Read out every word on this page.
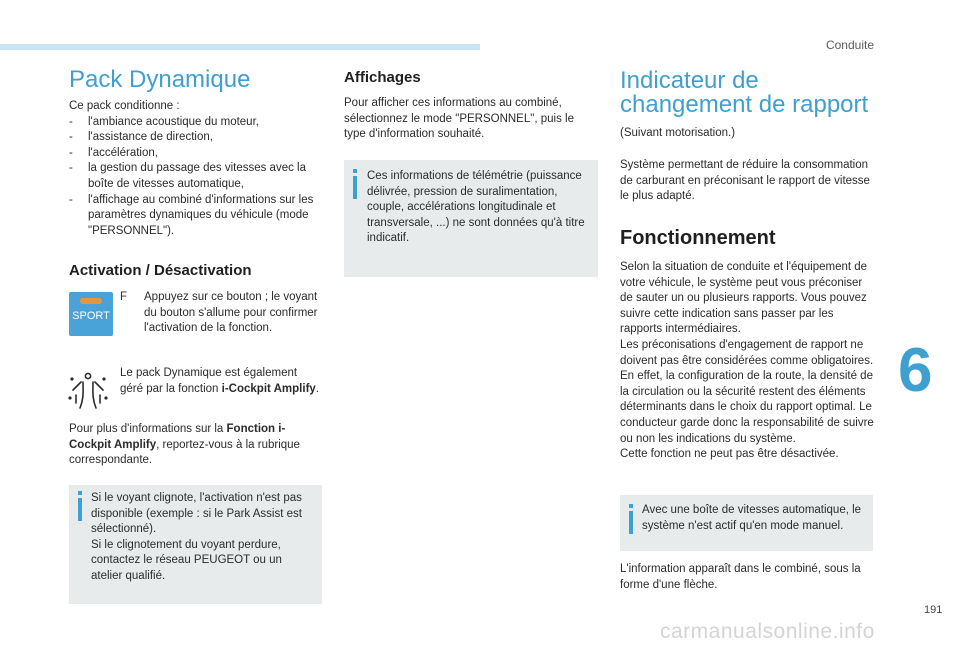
Conduite
Pack Dynamique
Ce pack conditionne :
- l'ambiance acoustique du moteur,
- l'assistance de direction,
- l'accélération,
- la gestion du passage des vitesses avec la boîte de vitesses automatique,
- l'affichage au combiné d'informations sur les paramètres dynamiques du véhicule (mode "PERSONNEL").
Activation / Désactivation
SPORT
F	Appuyez sur ce bouton ; le voyant du bouton s'allume pour confirmer l'activation de la fonction.
Le pack Dynamique est également géré par la fonction i-Cockpit Amplify.
Pour plus d'informations sur la Fonction i-Cockpit Amplify, reportez-vous à la rubrique correspondante.
Si le voyant clignote, l'activation n'est pas disponible (exemple : si le Park Assist est sélectionné).
Si le clignotement du voyant perdure, contactez le réseau PEUGEOT ou un atelier qualifié.
Affichages
Pour afficher ces informations au combiné, sélectionnez le mode "PERSONNEL", puis le type d'information souhaité.
Ces informations de télémétrie (puissance délivrée, pression de suralimentation, couple, accélérations longitudinale et transversale, ...) ne sont données qu'à titre indicatif.
Indicateur de changement de rapport
(Suivant motorisation.)
Système permettant de réduire la consommation de carburant en préconisant le rapport de vitesse le plus adapté.
Fonctionnement
Selon la situation de conduite et l'équipement de votre véhicule, le système peut vous préconiser de sauter un ou plusieurs rapports. Vous pouvez suivre cette indication sans passer par les rapports intermédiaires.
Les préconisations d'engagement de rapport ne doivent pas être considérées comme obligatoires. En effet, la configuration de la route, la densité de la circulation ou la sécurité restent des éléments déterminants dans le choix du rapport optimal. Le conducteur garde donc la responsabilité de suivre ou non les indications du système.
Cette fonction ne peut pas être désactivée.
Avec une boîte de vitesses automatique, le système n'est actif qu'en mode manuel.
L'information apparaît dans le combiné, sous la forme d'une flèche.
6
191
carmanualsonline.info
